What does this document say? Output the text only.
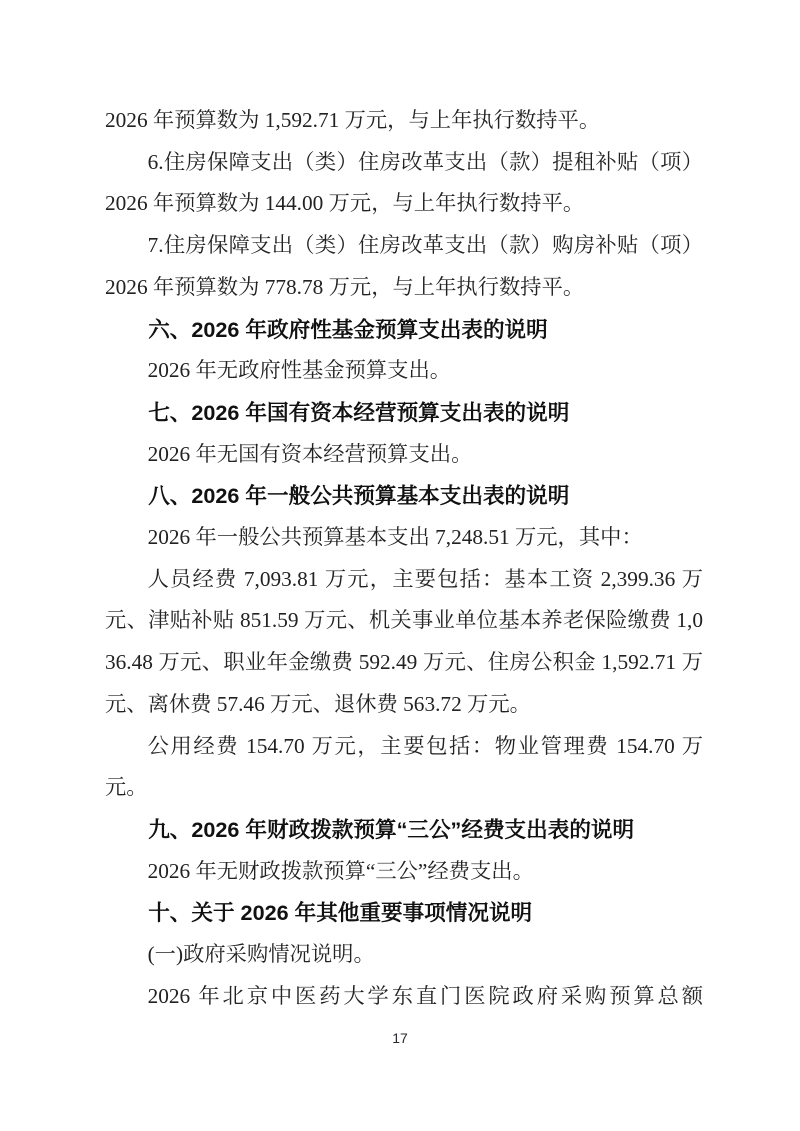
2026 年预算数为 1,592.71 万元，与上年执行数持平。

6.住房保障支出（类）住房改革支出（款）提租补贴（项）2026 年预算数为 144.00 万元，与上年执行数持平。

7.住房保障支出（类）住房改革支出（款）购房补贴（项）2026 年预算数为 778.78 万元，与上年执行数持平。

六、2026 年政府性基金预算支出表的说明

2026 年无政府性基金预算支出。

七、2026 年国有资本经营预算支出表的说明

2026 年无国有资本经营预算支出。

八、2026 年一般公共预算基本支出表的说明

2026 年一般公共预算基本支出 7,248.51 万元，其中：

人员经费 7,093.81 万元，主要包括：基本工资 2,399.36 万元、津贴补贴 851.59 万元、机关事业单位基本养老保险缴费 1,036.48 万元、职业年金缴费 592.49 万元、住房公积金 1,592.71 万元、离休费 57.46 万元、退休费 563.72 万元。

公用经费 154.70 万元，主要包括：物业管理费 154.70 万元。

九、2026 年财政拨款预算“三公”经费支出表的说明

2026 年无财政拨款预算“三公”经费支出。

十、关于 2026 年其他重要事项情况说明

(一)政府采购情况说明。

2026 年北京中医药大学东直门医院政府采购预算总额

17
